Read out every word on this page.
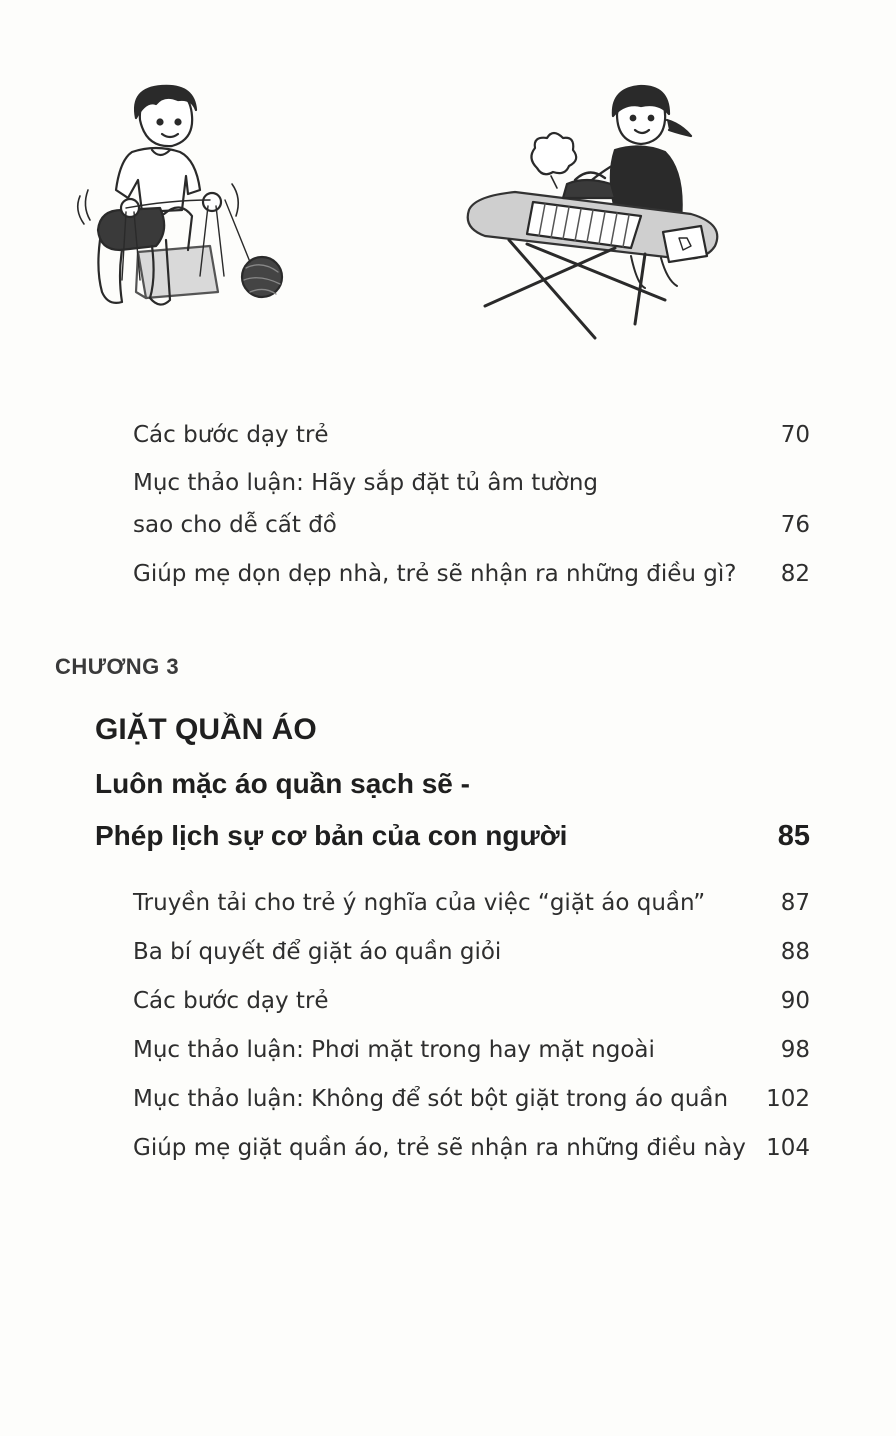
Các bước dạy trẻ	70
Mục thảo luận: Hãy sắp đặt tủ âm tường
sao cho dễ cất đồ	76
Giúp mẹ dọn dẹp nhà, trẻ sẽ nhận ra những điều gì? 82
CHƯƠNG 3
GIẶT QUẦN ÁO
Luôn mặc áo quần sạch sẽ -
Phép lịch sự cơ bản của con người	85
Truyền tải cho trẻ ý nghĩa của việc “giặt áo quần”	87
Ba bí quyết để giặt áo quần giỏi	88
Các bước dạy trẻ	90
Mục thảo luận: Phơi mặt trong hay mặt ngoài	98
Mục thảo luận: Không để sót bột giặt trong áo quần 102
Giúp mẹ giặt quần áo, trẻ sẽ nhận ra những điều này 104
